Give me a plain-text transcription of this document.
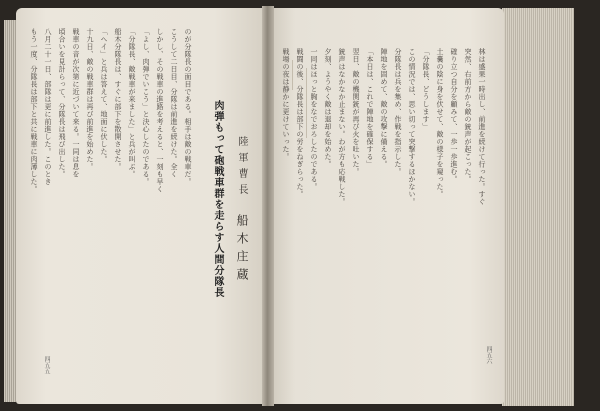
もう一度、分隊長は部下と共に戦車に肉薄した。 八月二十一日、部隊は更に前進した。このとき 頃合いを見計らって、分隊長は飛び出した。 戦車の音が次第に近づいて来る。一同は息を 十九日、敵の戦車群は再び前進を始めた。 「ヘイ」と兵は答えて、地面に伏した。 船木分隊長は、すぐに部下を散開させた。 「分隊長、敵戦車が来ました」と兵が叫ぶ。 「よし、肉弾でいこう」と決心したのである。 しかし、その戦車の進路を考えると、一刻も早く こうして二日目、分隊は前進を続けた。全く のが分隊長の面目である。相手は敵の戦車だ。 肉弾もって砲戦車群を走らす人間分隊長 陸軍曹長
船木庄蔵
四五五
戦場の夜は静かに更けていった。 戦闘の後、分隊長は部下の労をねぎらった。 一同はほっと胸をなでおろしたのである。 夕刻、ようやく敵は退却を始めた。 銃声はなかなか止まない。わが方も応戦した。 翌日、敵の機関銃が再び火を吐いた。 「本日は、これで陣地を確保する」 陣地を固めて、敵の攻撃に備える。 分隊長は兵を集め、作戦を指示した。 この情況では、思い切って突撃するほかない。 「分隊長、どうします」 土嚢の陰に身を伏せて、敵の様子を窺った。 確り立つ自分を顧みて、一歩一歩進む。 突然、右前方から敵の銃声が起こった。 林は盛果一時出し、前進を続けて行った。すぐ
四五六
